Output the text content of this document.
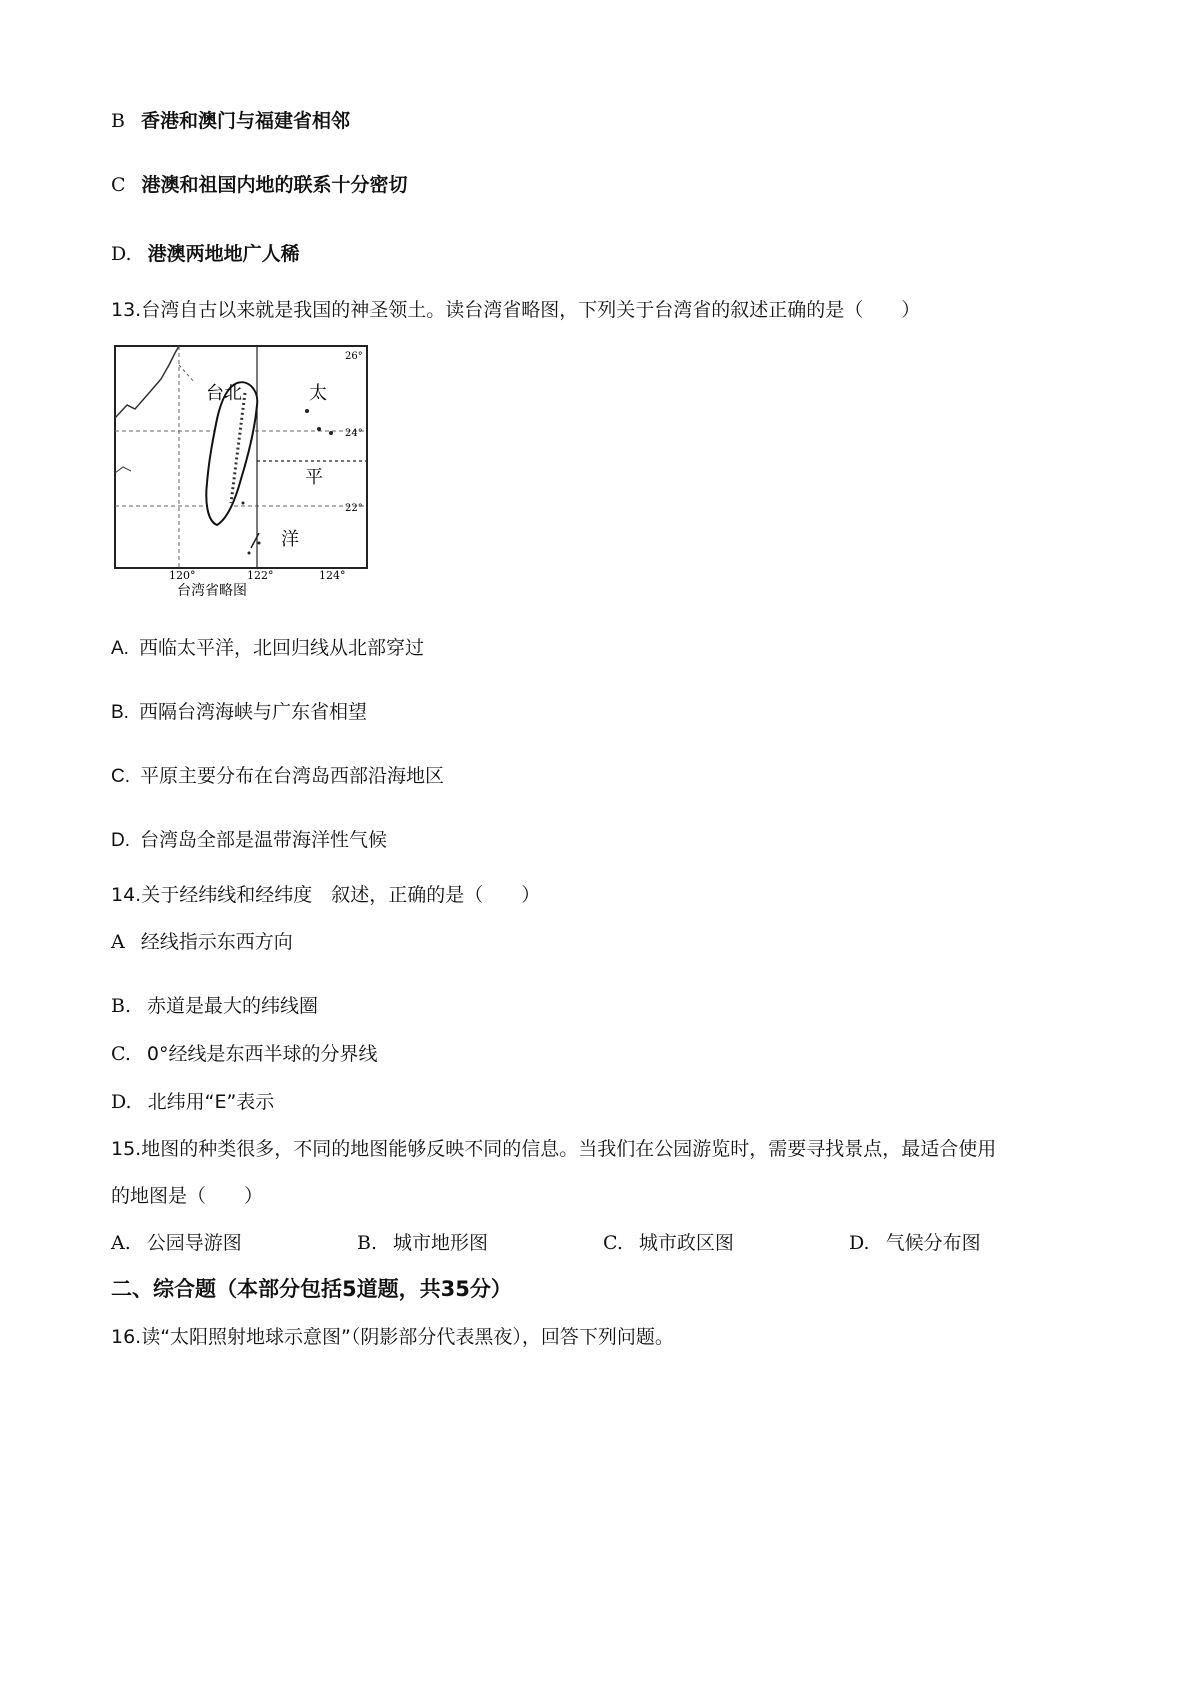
B 香港和澳门与福建省相邻
C 港澳和祖国内地的联系十分密切
D. 港澳两地地广人稀
13.台湾自古以来就是我国的神圣领土。读台湾省略图，下列关于台湾省的叙述正确的是（　　）
120°	122°	124°
26°
24°
22°
台北	太
平
洋
台湾省略图
A. 西临太平洋，北回归线从北部穿过
B. 西隔台湾海峡与广东省相望
C. 平原主要分布在台湾岛西部沿海地区
D. 台湾岛全部是温带海洋性气候
14.关于经纬线和经纬度　叙述，正确的是（　　）
A 经线指示东西方向
B. 赤道是最大的纬线圈
C. 0°经线是东西半球的分界线
D. 北纬用“E”表示
15.地图的种类很多，不同的地图能够反映不同的信息。当我们在公园游览时，需要寻找景点，最适合使用
的地图是（　　）
A. 公园导游图	B. 城市地形图	C. 城市政区图	D. 气候分布图
二、综合题（本部分包括5道题，共35分）
16.读“太阳照射地球示意图”（阴影部分代表黑夜），回答下列问题。
